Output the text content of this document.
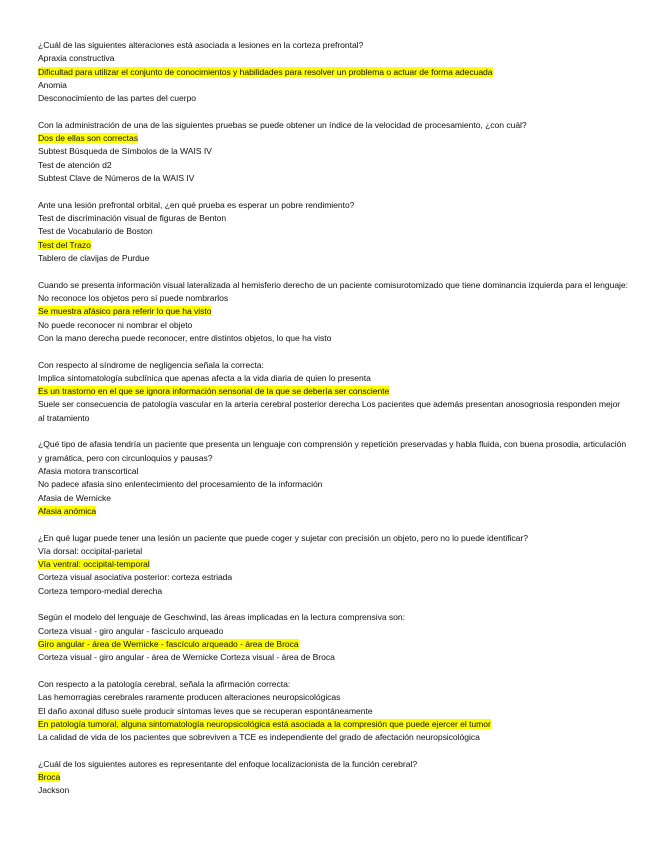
¿Cuál de las siguientes alteraciones está asociada a lesiones en la corteza prefrontal?
Apraxia constructiva
Dificultad para utilizar el conjunto de conocimientos y habilidades para resolver un problema o actuar de forma adecuada
Anomia
Desconocimiento de las partes del cuerpo
Con la administración de una de las siguientes pruebas se puede obtener un índice de la velocidad de procesamiento, ¿con cuál?
Dos de ellas son correctas
Subtest Búsqueda de Símbolos de la WAIS IV
Test de atención d2
Subtest Clave de Números de la WAIS IV
Ante una lesión prefrontal orbital, ¿en qué prueba es esperar un pobre rendimiento?
Test de discriminación visual de figuras de Benton
Test de Vocabulario de Boston
Test del Trazo
Tablero de clavijas de Purdue
Cuando se presenta información visual lateralizada al hemisferio derecho de un paciente comisurotomizado que tiene dominancia izquierda para el lenguaje:
No reconoce los objetos pero sí puede nombrarlos
Se muestra afásico para referir lo que ha visto
No puede reconocer ni nombrar el objeto
Con la mano derecha puede reconocer, entre distintos objetos, lo que ha visto
Con respecto al síndrome de negligencia señala la correcta:
Implica sintomatología subclínica que apenas afecta a la vida diaria de quien lo presenta
Es un trastorno en el que se ignora información sensorial de la que se debería ser consciente
Suele ser consecuencia de patología vascular en la arteria cerebral posterior derecha Los pacientes que además presentan anosognosia responden mejor al tratamiento
¿Qué tipo de afasia tendría un paciente que presenta un lenguaje con comprensión y repetición preservadas y habla fluida, con buena prosodia, articulación y gramática, pero con circunloquios y pausas?
Afasia motora transcortical
No padece afasia sino enlentecimiento del procesamiento de la información
Afasia de Wernicke
Afasia anómica
¿En qué lugar puede tener una lesión un paciente que puede coger y sujetar con precisión un objeto, pero no lo puede identificar?
Vía dorsal: occipital-parietal
Vía ventral: occipital-temporal
Corteza visual asociativa posterior: corteza estriada
Corteza temporo-medial derecha
Según el modelo del lenguaje de Geschwind, las áreas implicadas en la lectura comprensiva son:
Corteza visual - giro angular - fascículo arqueado
Giro angular - área de Wernicke - fascículo arqueado - área de Broca
Corteza visual - giro angular - área de Wernicke Corteza visual - área de Broca
Con respecto a la patología cerebral, señala la afirmación correcta:
Las hemorragias cerebrales raramente producen alteraciones neuropsicológicas
El daño axonal difuso suele producir síntomas leves que se recuperan espontáneamente
En patología tumoral, alguna sintomatología neuropsicológica está asociada a la compresión que puede ejercer el tumor
La calidad de vida de los pacientes que sobreviven a TCE es independiente del grado de afectación neuropsicológica
¿Cuál de los siguientes autores es representante del enfoque localizacionista de la función cerebral?
Broca
Jackson
